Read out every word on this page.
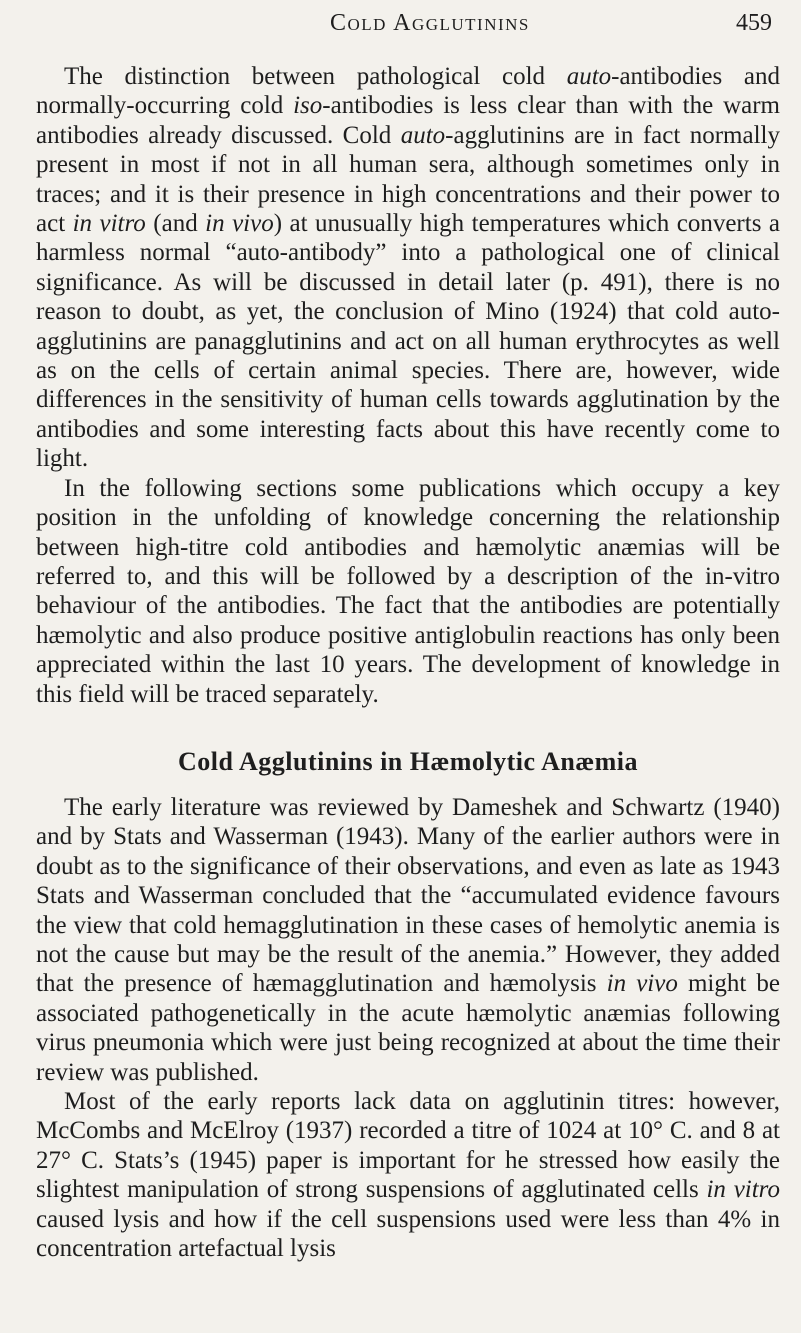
Cold Agglutinins	459

The distinction between pathological cold auto-antibodies and normally-occurring cold iso-antibodies is less clear than with the warm antibodies already discussed. Cold auto-agglutinins are in fact normally present in most if not in all human sera, although sometimes only in traces; and it is their presence in high concentrations and their power to act in vitro (and in vivo) at unusually high temperatures which converts a harmless normal “auto-antibody” into a pathological one of clinical significance. As will be discussed in detail later (p. 491), there is no reason to doubt, as yet, the conclusion of Mino (1924) that cold auto-agglutinins are panagglutinins and act on all human erythrocytes as well as on the cells of certain animal species. There are, however, wide differences in the sensitivity of human cells towards agglutination by the antibodies and some interesting facts about this have recently come to light.

In the following sections some publications which occupy a key position in the unfolding of knowledge concerning the relationship between high-titre cold antibodies and hæmolytic anæmias will be referred to, and this will be followed by a description of the in-vitro behaviour of the antibodies. The fact that the antibodies are potentially hæmolytic and also produce positive antiglobulin reactions has only been appreciated within the last 10 years. The development of knowledge in this field will be traced separately.

Cold Agglutinins in Hæmolytic Anæmia

The early literature was reviewed by Dameshek and Schwartz (1940) and by Stats and Wasserman (1943). Many of the earlier authors were in doubt as to the significance of their observations, and even as late as 1943 Stats and Wasserman concluded that the “accumulated evidence favours the view that cold hemagglutination in these cases of hemolytic anemia is not the cause but may be the result of the anemia.” However, they added that the presence of hæmagglutination and hæmolysis in vivo might be associated pathogenetically in the acute hæmolytic anæmias following virus pneumonia which were just being recognized at about the time their review was published.

Most of the early reports lack data on agglutinin titres: however, McCombs and McElroy (1937) recorded a titre of 1024 at 10° C. and 8 at 27° C. Stats’s (1945) paper is important for he stressed how easily the slightest manipulation of strong suspensions of agglutinated cells in vitro caused lysis and how if the cell suspensions used were less than 4% in concentration artefactual lysis
